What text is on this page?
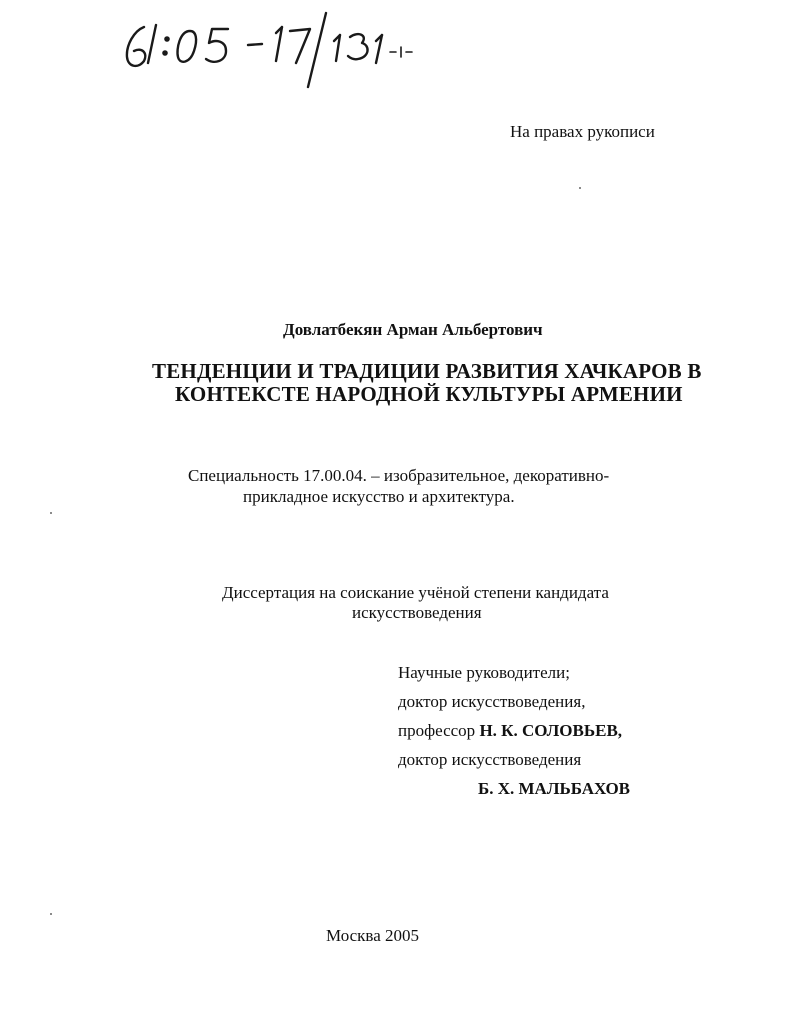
На правах рукописи
Довлатбекян Арман Альбертович
ТЕНДЕНЦИИ И ТРАДИЦИИ РАЗВИТИЯ ХАЧКАРОВ В
КОНТЕКСТЕ НАРОДНОЙ КУЛЬТУРЫ АРМЕНИИ
Специальность 17.00.04. – изобразительное, декоративно-
прикладное искусство и архитектура.
Диссертация на соискание учёной степени кандидата
искусствоведения
Научные руководители;
доктор искусствоведения,
профессор Н. К. СОЛОВЬЕВ,
доктор искусствоведения
Б. Х. МАЛЬБАХОВ
Москва 2005
